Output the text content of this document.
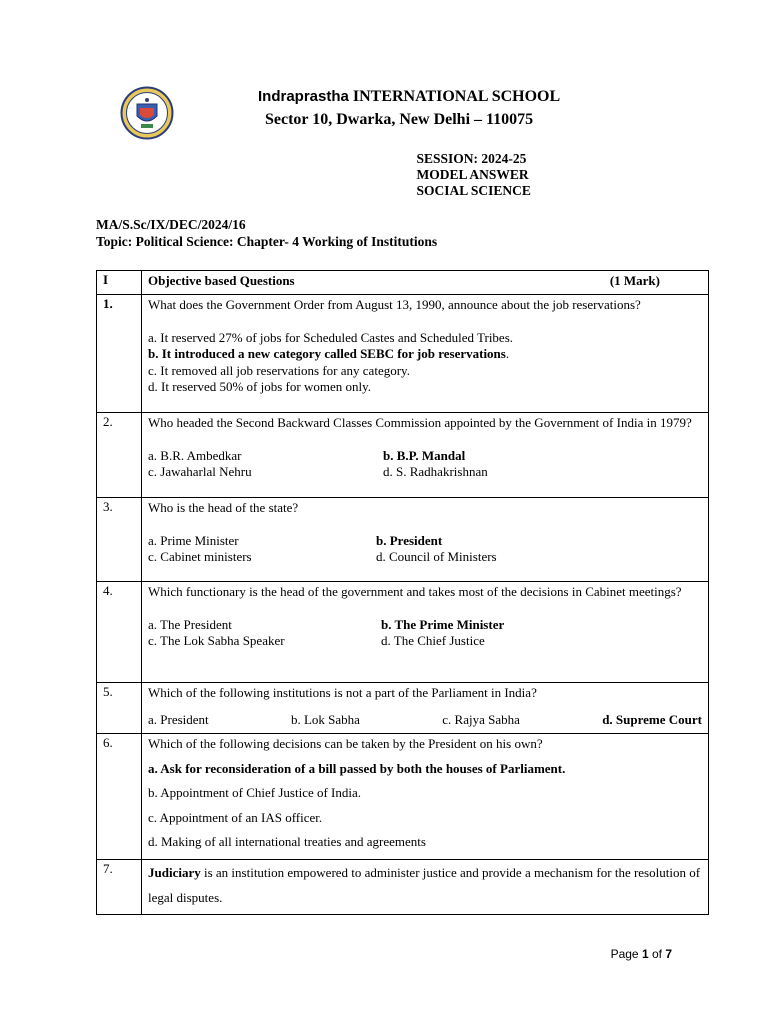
Indraprastha INTERNATIONAL SCHOOL
Sector 10, Dwarka, New Delhi – 110075
SESSION: 2024-25
MODEL ANSWER
SOCIAL SCIENCE
MA/S.Sc/IX/DEC/2024/16
Topic: Political Science: Chapter- 4 Working of Institutions
I	Objective based Questions (1 Mark)

1.	What does the Government Order from August 13, 1990, announce about the job reservations?
a. It reserved 27% of jobs for Scheduled Castes and Scheduled Tribes.
b. It introduced a new category called SEBC for job reservations.
c. It removed all job reservations for any category.
d. It reserved 50% of jobs for women only.

2.	Who headed the Second Backward Classes Commission appointed by the Government of India in 1979?
a. B.R. Ambedkar b. B.P. Mandal
c. Jawaharlal Nehru d. S. Radhakrishnan

3.	Who is the head of the state?
a. Prime Minister b. President
c. Cabinet ministers d. Council of Ministers

4.	Which functionary is the head of the government and takes most of the decisions in Cabinet meetings?
a. The President b. The Prime Minister
c. The Lok Sabha Speaker d. The Chief Justice

5.	Which of the following institutions is not a part of the Parliament in India?
a. President b. Lok Sabha c. Rajya Sabha d. Supreme Court

6.	Which of the following decisions can be taken by the President on his own?
a. Ask for reconsideration of a bill passed by both the houses of Parliament.
b. Appointment of Chief Justice of India.
c. Appointment of an IAS officer.
d. Making of all international treaties and agreements

7.	Judiciary is an institution empowered to administer justice and provide a mechanism for the resolution of legal disputes.
Page 1 of 7
